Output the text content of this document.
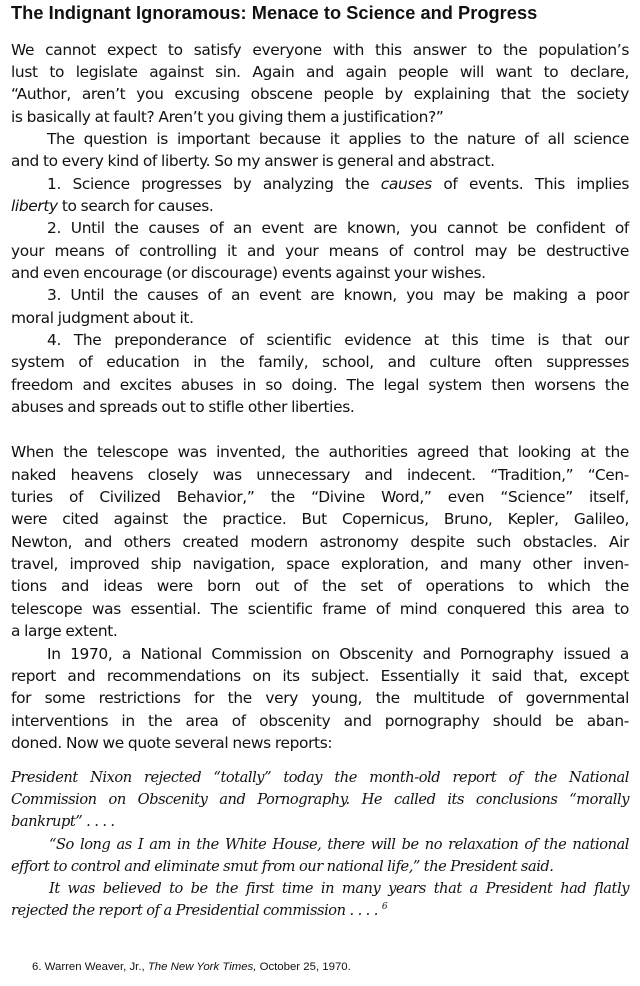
The Indignant Ignoramous: Menace to Science and Progress
We cannot expect to satisfy everyone with this answer to the population’s
lust to legislate against sin. Again and again people will want to declare,
“Author, aren’t you excusing obscene people by explaining that the society
is basically at fault? Aren’t you giving them a justification?”
The question is important because it applies to the nature of all science
and to every kind of liberty. So my answer is general and abstract.
1. Science progresses by analyzing the causes of events. This implies
liberty to search for causes.
2. Until the causes of an event are known, you cannot be confident of
your means of controlling it and your means of control may be destructive
and even encourage (or discourage) events against your wishes.
3. Until the causes of an event are known, you may be making a poor
moral judgment about it.
4. The preponderance of scientific evidence at this time is that our
system of education in the family, school, and culture often suppresses
freedom and excites abuses in so doing. The legal system then worsens the
abuses and spreads out to stifle other liberties.
When the telescope was invented, the authorities agreed that looking at the
naked heavens closely was unnecessary and indecent. “Tradition,” “Cen-
turies of Civilized Behavior,” the “Divine Word,” even “Science” itself,
were cited against the practice. But Copernicus, Bruno, Kepler, Galileo,
Newton, and others created modern astronomy despite such obstacles. Air
travel, improved ship navigation, space exploration, and many other inven-
tions and ideas were born out of the set of operations to which the
telescope was essential. The scientific frame of mind conquered this area to
a large extent.
In 1970, a National Commission on Obscenity and Pornography issued a
report and recommendations on its subject. Essentially it said that, except
for some restrictions for the very young, the multitude of governmental
interventions in the area of obscenity and pornography should be aban-
doned. Now we quote several news reports:
President Nixon rejected “totally” today the month-old report of the National
Commission on Obscenity and Pornography. He called its conclusions “morally
bankrupt” . . . .
“So long as I am in the White House, there will be no relaxation of the national
effort to control and eliminate smut from our national life,” the President said.
It was believed to be the first time in many years that a President had flatly
rejected the report of a Presidential commission . . . . $^6$
6. Warren Weaver, Jr., The New York Times, October 25, 1970.
